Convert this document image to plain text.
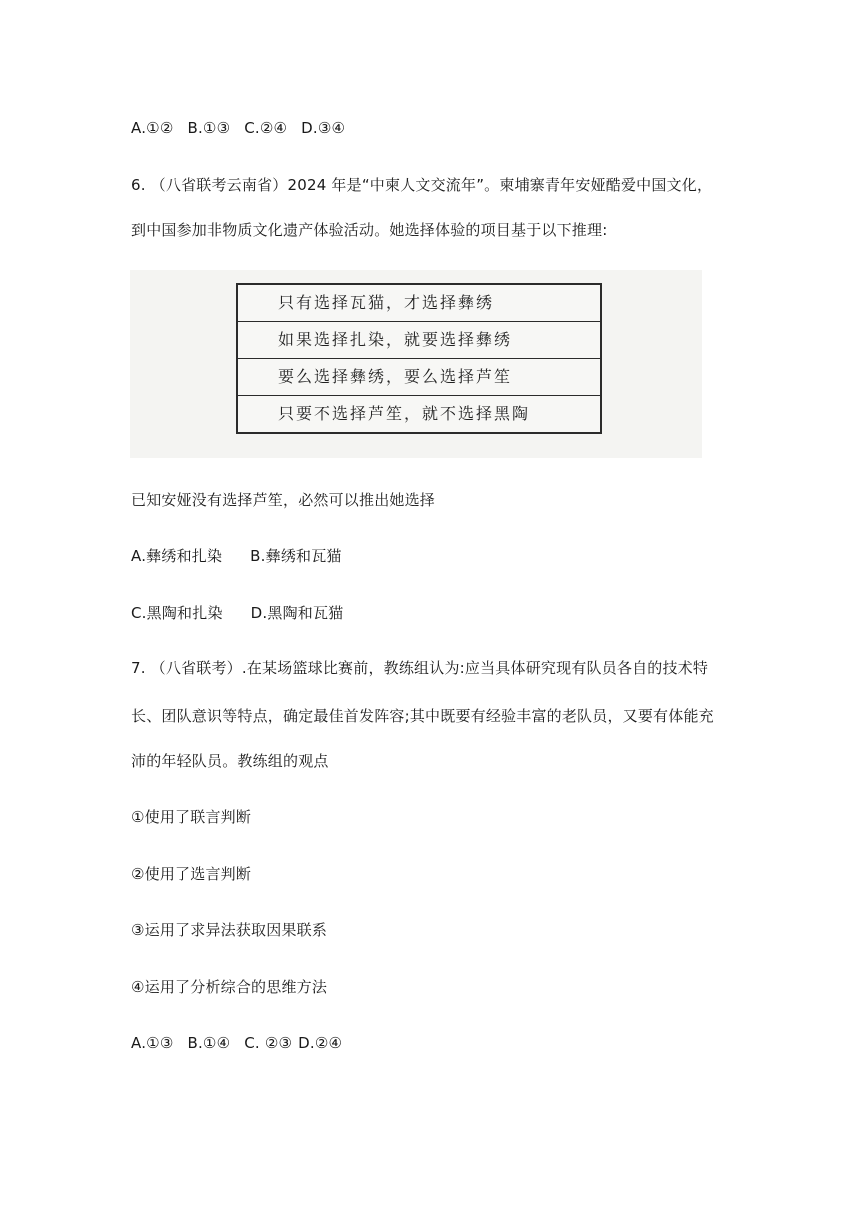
A.①② B.①③ C.②④ D.③④
6. （八省联考云南省）2024 年是“中柬人文交流年”。柬埔寨青年安娅酷爱中国文化，
到中国参加非物质文化遗产体验活动。她选择体验的项目基于以下推理:
只有选择瓦猫，才选择彝绣
如果选择扎染，就要选择彝绣
要么选择彝绣，要么选择芦笙
只要不选择芦笙，就不选择黑陶
已知安娅没有选择芦笙，必然可以推出她选择
A.彝绣和扎染 B.彝绣和瓦猫
C.黑陶和扎染 D.黑陶和瓦猫
7. （八省联考）.在某场篮球比赛前，教练组认为:应当具体研究现有队员各自的技术特
长、团队意识等特点，确定最佳首发阵容;其中既要有经验丰富的老队员，又要有体能充
沛的年轻队员。教练组的观点
①使用了联言判断
②使用了选言判断
③运用了求异法获取因果联系
④运用了分析综合的思维方法
A.①③ B.①④ C. ②③ D.②④
